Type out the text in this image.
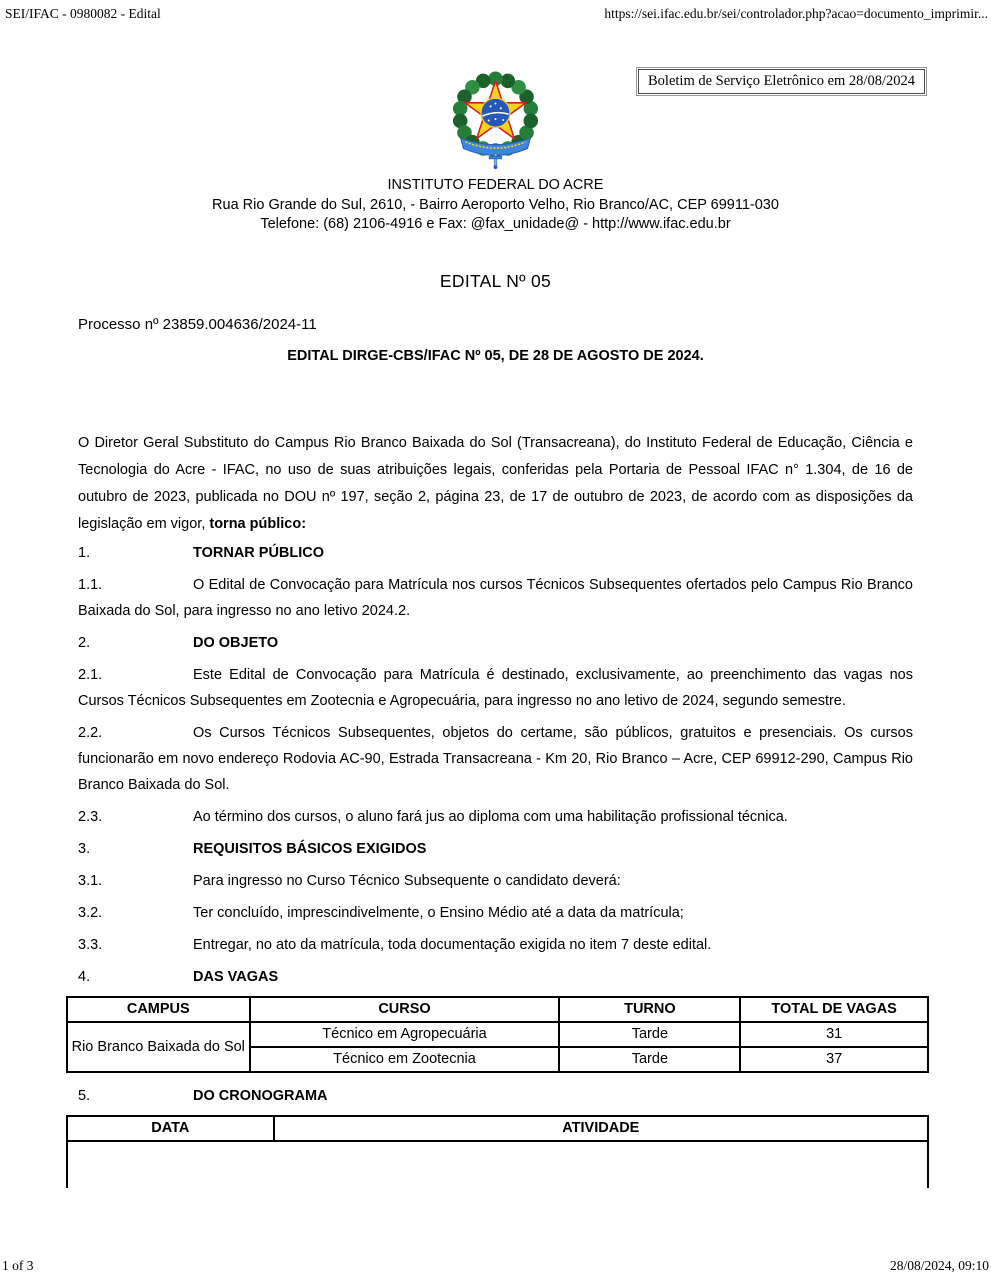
SEI/IFAC - 0980082 - Edital	https://sei.ifac.edu.br/sei/controlador.php?acao=documento_imprimir...
Boletim de Serviço Eletrônico em 28/08/2024
INSTITUTO FEDERAL DO ACRE
Rua Rio Grande do Sul, 2610, - Bairro Aeroporto Velho, Rio Branco/AC, CEP 69911-030
Telefone: (68) 2106-4916 e Fax: @fax_unidade@ - http://www.ifac.edu.br
EDITAL Nº 05
Processo nº 23859.004636/2024-11
EDITAL DIRGE-CBS/IFAC Nº 05, DE 28 DE AGOSTO DE 2024.

O Diretor Geral Substituto do Campus Rio Branco Baixada do Sol (Transacreana), do Instituto Federal de Educação, Ciência e Tecnologia do Acre - IFAC, no uso de suas atribuições legais, conferidas pela Portaria de Pessoal IFAC n° 1.304, de 16 de outubro de 2023, publicada no DOU nº 197, seção 2, página 23, de 17 de outubro de 2023, de acordo com as disposições da legislação em vigor, torna público:

1.	TORNAR PÚBLICO
1.1.	O Edital de Convocação para Matrícula nos cursos Técnicos Subsequentes ofertados pelo Campus Rio Branco Baixada do Sol, para ingresso no ano letivo 2024.2.
2.	DO OBJETO
2.1.	Este Edital de Convocação para Matrícula é destinado, exclusivamente, ao preenchimento das vagas nos Cursos Técnicos Subsequentes em Zootecnia e Agropecuária, para ingresso no ano letivo de 2024, segundo semestre.
2.2.	Os Cursos Técnicos Subsequentes, objetos do certame, são públicos, gratuitos e presenciais. Os cursos funcionarão em novo endereço Rodovia AC-90, Estrada Transacreana - Km 20, Rio Branco – Acre, CEP 69912-290, Campus Rio Branco Baixada do Sol.
2.3.	Ao término dos cursos, o aluno fará jus ao diploma com uma habilitação profissional técnica.
3.	REQUISITOS BÁSICOS EXIGIDOS
3.1.	Para ingresso no Curso Técnico Subsequente o candidato deverá:
3.2.	Ter concluído, imprescindivelmente, o Ensino Médio até a data da matrícula;
3.3.	Entregar, no ato da matrícula, toda documentação exigida no item 7 deste edital.
4.	DAS VAGAS
CAMPUS	CURSO	TURNO	TOTAL DE VAGAS
Rio Branco Baixada do Sol	Técnico em Agropecuária	Tarde	31
	Técnico em Zootecnia	Tarde	37
5.	DO CRONOGRAMA
DATA	ATIVIDADE

1 of 3	28/08/2024, 09:10
